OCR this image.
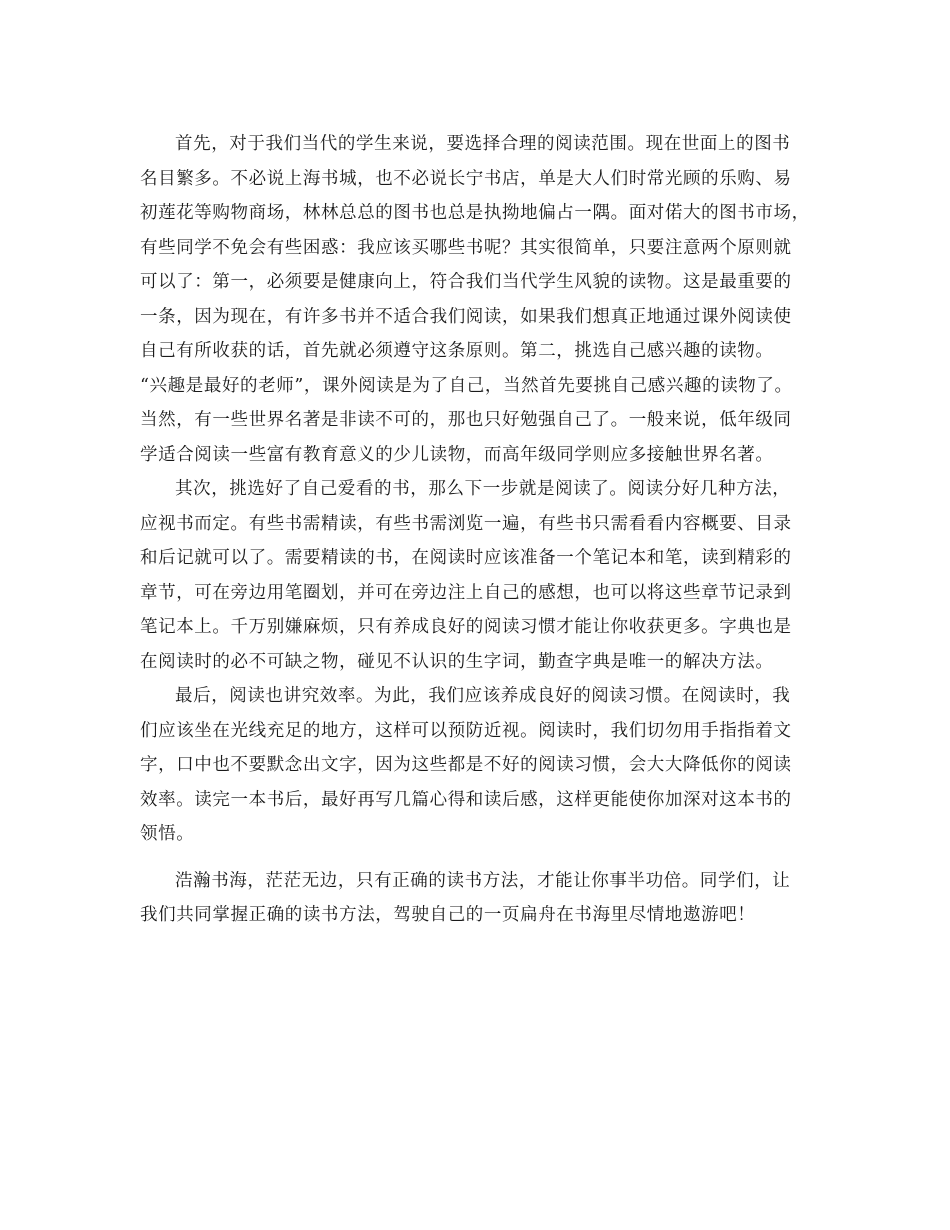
首先，对于我们当代的学生来说，要选择合理的阅读范围。现在世面上的图书
名目繁多。不必说上海书城，也不必说长宁书店，单是大人们时常光顾的乐购、易
初莲花等购物商场，林林总总的图书也总是执拗地偏占一隅。面对偌大的图书市场，
有些同学不免会有些困惑：我应该买哪些书呢？其实很简单，只要注意两个原则就
可以了：第一，必须要是健康向上，符合我们当代学生风貌的读物。这是最重要的
一条，因为现在，有许多书并不适合我们阅读，如果我们想真正地通过课外阅读使
自己有所收获的话，首先就必须遵守这条原则。第二，挑选自己感兴趣的读物。
“兴趣是最好的老师”，课外阅读是为了自己，当然首先要挑自己感兴趣的读物了。
当然，有一些世界名著是非读不可的，那也只好勉强自己了。一般来说，低年级同
学适合阅读一些富有教育意义的少儿读物，而高年级同学则应多接触世界名著。
其次，挑选好了自己爱看的书，那么下一步就是阅读了。阅读分好几种方法，
应视书而定。有些书需精读，有些书需浏览一遍，有些书只需看看内容概要、目录
和后记就可以了。需要精读的书，在阅读时应该准备一个笔记本和笔，读到精彩的
章节，可在旁边用笔圈划，并可在旁边注上自己的感想，也可以将这些章节记录到
笔记本上。千万别嫌麻烦，只有养成良好的阅读习惯才能让你收获更多。字典也是
在阅读时的必不可缺之物，碰见不认识的生字词，勤查字典是唯一的解决方法。
最后，阅读也讲究效率。为此，我们应该养成良好的阅读习惯。在阅读时，我
们应该坐在光线充足的地方，这样可以预防近视。阅读时，我们切勿用手指指着文
字，口中也不要默念出文字，因为这些都是不好的阅读习惯，会大大降低你的阅读
效率。读完一本书后，最好再写几篇心得和读后感，这样更能使你加深对这本书的
领悟。
浩瀚书海，茫茫无边，只有正确的读书方法，才能让你事半功倍。同学们，让
我们共同掌握正确的读书方法，驾驶自己的一页扁舟在书海里尽情地遨游吧！
